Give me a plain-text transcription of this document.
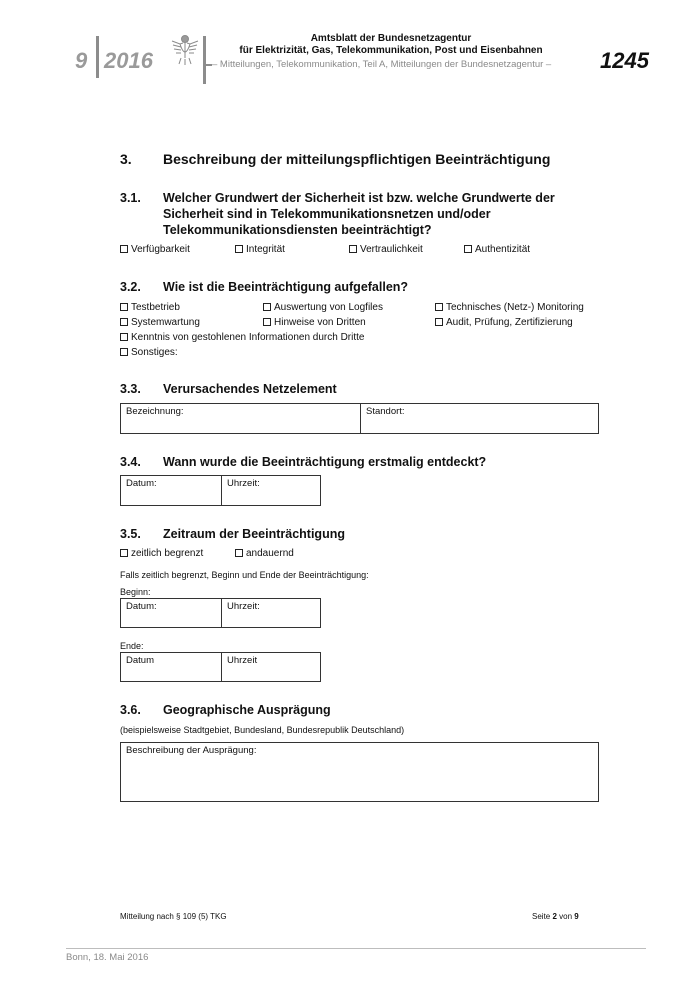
9 2016
Amtsblatt der Bundesnetzagentur
für Elektrizität, Gas, Telekommunikation, Post und Eisenbahnen
– Mitteilungen, Telekommunikation, Teil A, Mitteilungen der Bundesnetzagentur – 1245
3. Beschreibung der mitteilungspflichtigen Beeinträchtigung
3.1. Welcher Grundwert der Sicherheit ist bzw. welche Grundwerte der
Sicherheit sind in Telekommunikationsnetzen und/oder
Telekommunikationsdiensten beeinträchtigt?
Verfügbarkeit	Integrität	Vertraulichkeit	Authentizität
3.2. Wie ist die Beeinträchtigung aufgefallen?
Testbetrieb	Auswertung von Logfiles	Technisches (Netz-) Monitoring
Systemwartung	Hinweise von Dritten	Audit, Prüfung, Zertifizierung
Kenntnis von gestohlenen Informationen durch Dritte
Sonstiges:
3.3. Verursachendes Netzelement
Bezeichnung:	Standort:
3.4. Wann wurde die Beeinträchtigung erstmalig entdeckt?
Datum:	Uhrzeit:
3.5. Zeitraum der Beeinträchtigung
zeitlich begrenzt	andauernd
Falls zeitlich begrenzt, Beginn und Ende der Beeinträchtigung:
Beginn:
Datum:	Uhrzeit:
Ende:
Datum	Uhrzeit
3.6. Geographische Ausprägung
(beispielsweise Stadtgebiet, Bundesland, Bundesrepublik Deutschland)
Beschreibung der Ausprägung:
Mitteilung nach § 109 (5) TKG	Seite 2 von 9
Bonn, 18. Mai 2016
